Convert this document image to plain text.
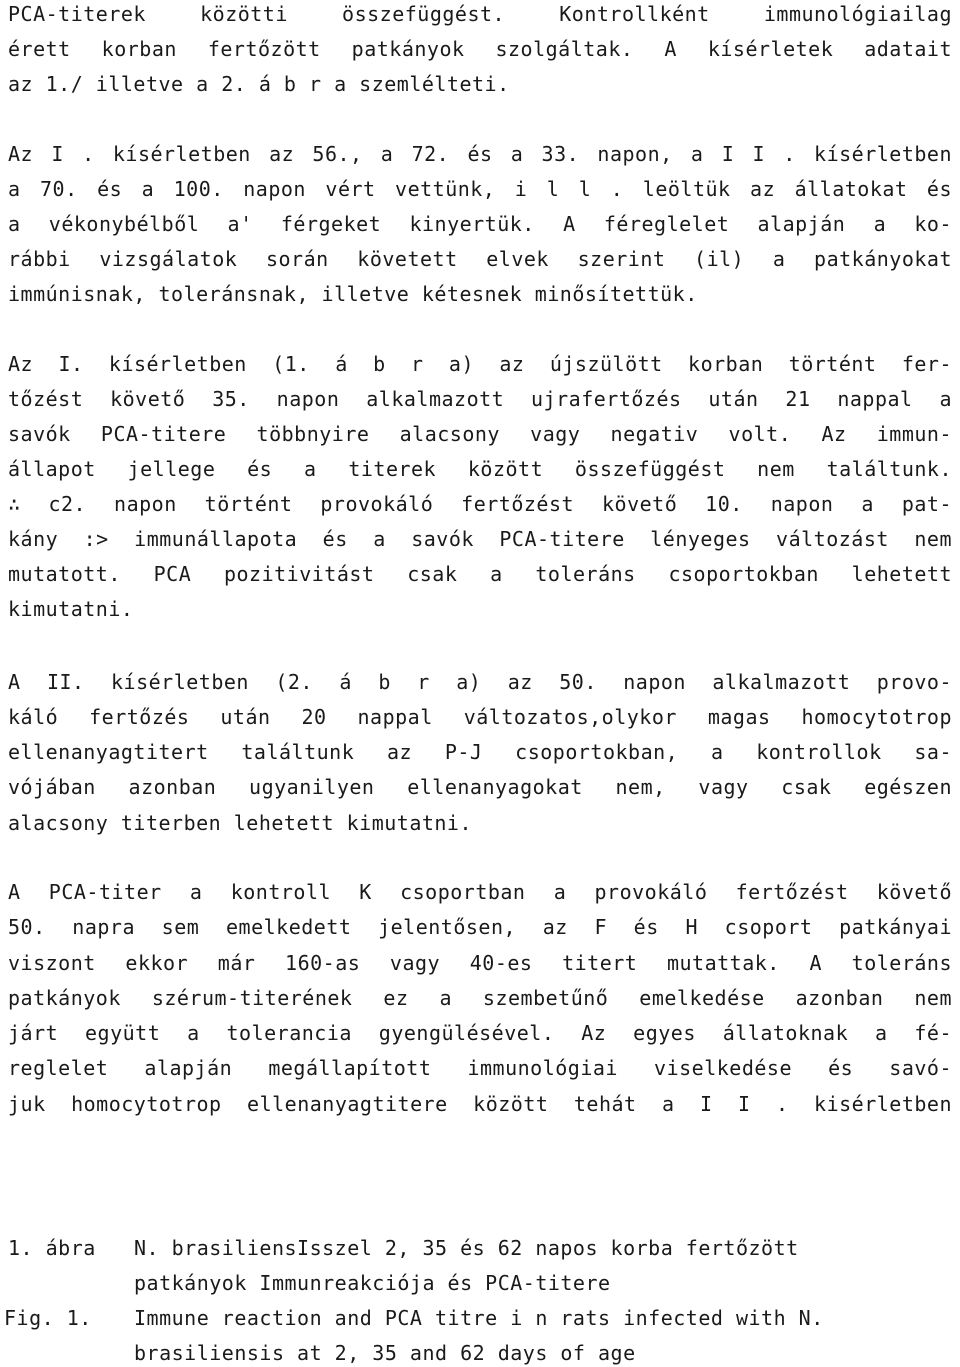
PCA-titerek közötti összefüggést. Kontrollként immunológiailag
érett korban fertőzött patkányok szolgáltak. A kísérletek adatait
az 1./ illetve a 2. á b r a szemlélteti.
Az I . kísérletben az 56., a 72. és a 33. napon, a I I . kísérletben
a 70. és a 100. napon vért vettünk, i l l . leöltük az állatokat és
a vékonybélből a' férgeket kinyertük. A féreglelet alapján a ko-
rábbi vizsgálatok során követett elvek szerint (il) a patkányokat
immúnisnak, toleránsnak, illetve kétesnek minősítettük.
Az I. kísérletben (1. á b r a) az újszülött korban történt fer-
tőzést követő 35. napon alkalmazott ujrafertőzés után 21 nappal a
savók PCA-titere többnyire alacsony vagy negativ volt. Az immun-
állapot jellege és a titerek között összefüggést nem találtunk.
∴ c2. napon történt provokáló fertőzést követő 10. napon a pat-
kány :> immunállapota és a savók PCA-titere lényeges változást nem
mutatott. PCA pozitivitást csak a toleráns csoportokban lehetett
kimutatni.
A II. kísérletben (2. á b r a) az 50. napon alkalmazott provo-
káló fertőzés után 20 nappal változatos,olykor magas homocytotrop
ellenanyagtitert találtunk az P-J csoportokban, a kontrollok sa-
vójában azonban ugyanilyen ellenanyagokat nem, vagy csak egészen
alacsony titerben lehetett kimutatni.
A PCA-titer a kontroll K csoportban a provokáló fertőzést követő
50. napra sem emelkedett jelentősen, az F és H csoport patkányai
viszont ekkor már 160-as vagy 40-es titert mutattak. A toleráns
patkányok szérum-titerének ez a szembetűnő emelkedése azonban nem
járt együtt a tolerancia gyengülésével. Az egyes állatoknak a fé-
reglelet alapján megállapított immunológiai viselkedése és savó-
juk homocytotrop ellenanyagtitere között tehát a I I . kisérletben
1. ábra N. brasiliensIsszel 2, 35 és 62 napos korba fertőzött
patkányok Immunreakciója és PCA-titere
Fig. 1. Immune reaction and PCA titre i n rats infected with N.
brasiliensis at 2, 35 and 62 days of age
